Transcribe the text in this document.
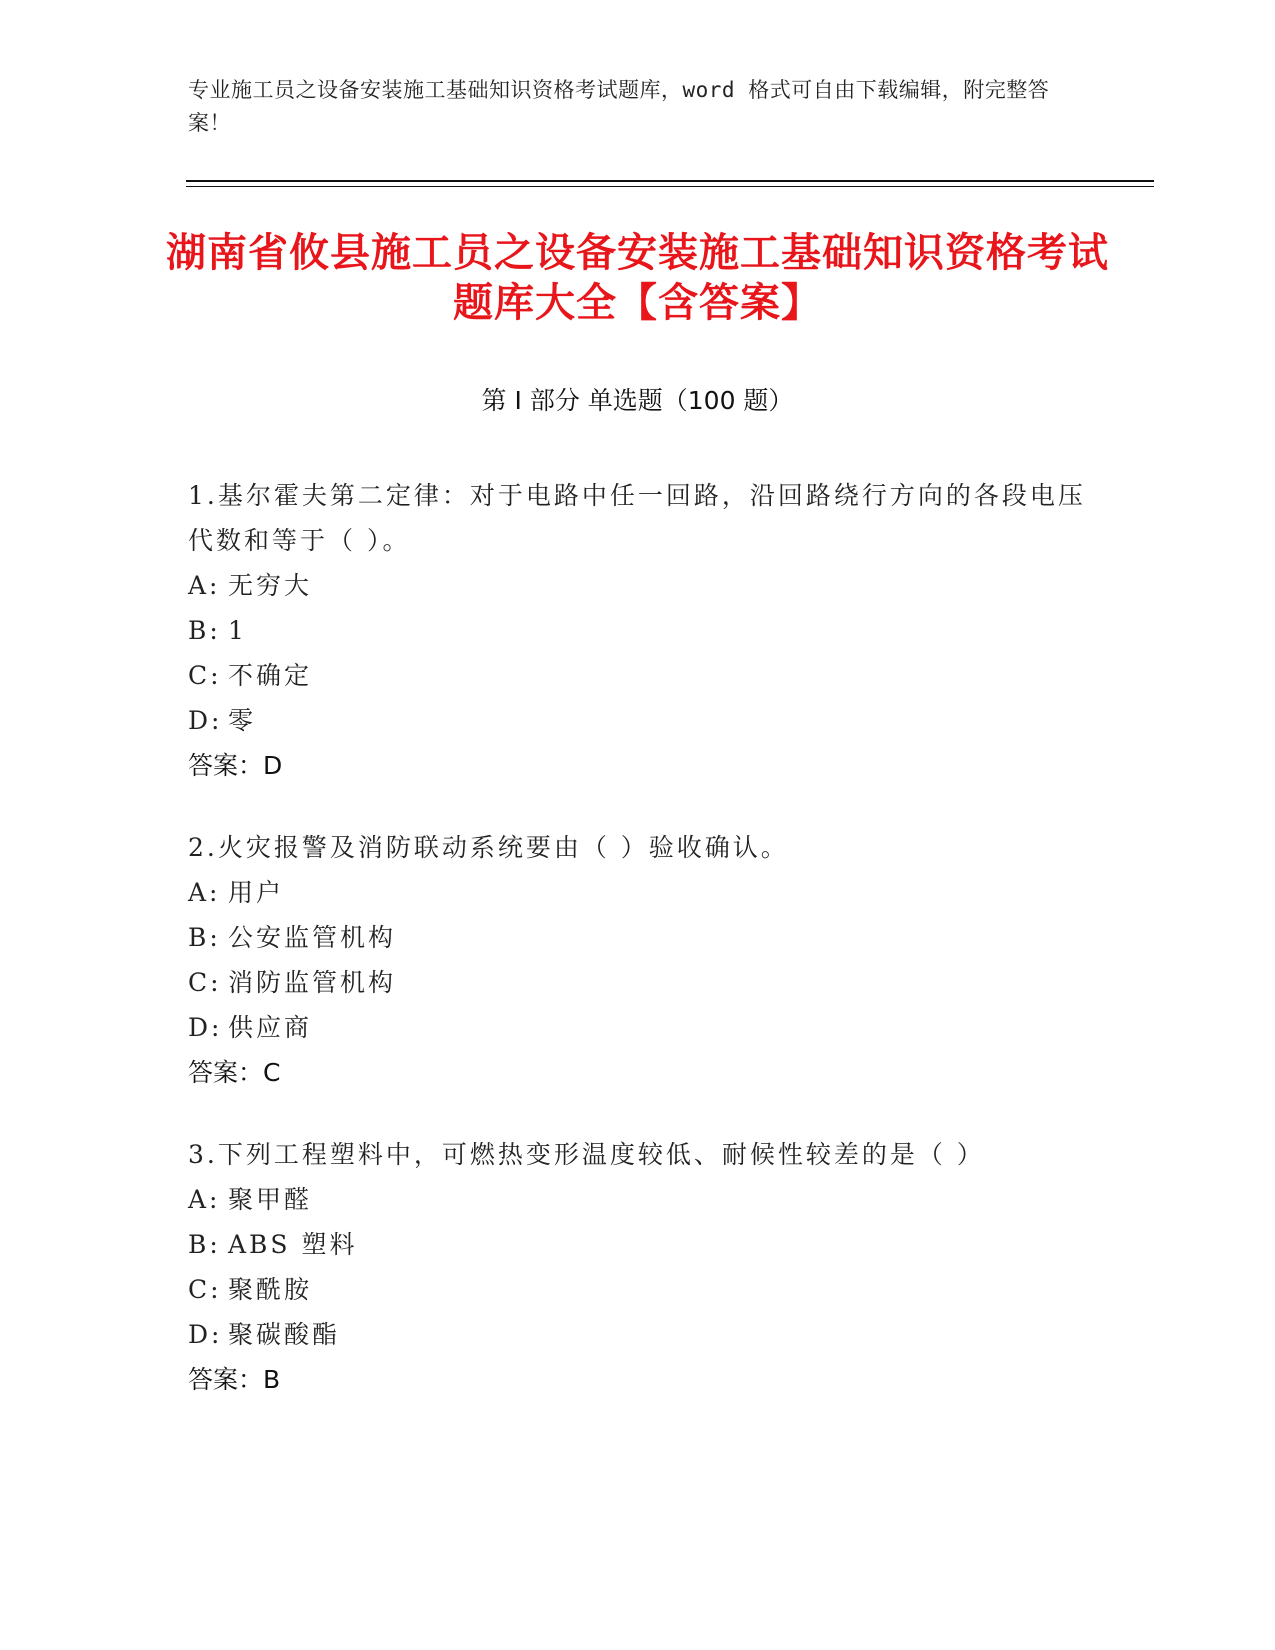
专业施工员之设备安装施工基础知识资格考试题库，word 格式可自由下载编辑，附完整答案！
湖南省攸县施工员之设备安装施工基础知识资格考试题库大全【含答案】
第 I 部分 单选题（100 题）

1.基尔霍夫第二定律：对于电路中任一回路，沿回路绕行方向的各段电压代数和等于（ ）。

A: 无穷大
B: 1
C: 不确定
D: 零
答案：D

2.火灾报警及消防联动系统要由（ ）验收确认。

A: 用户
B: 公安监管机构
C: 消防监管机构
D: 供应商
答案：C

3.下列工程塑料中，可燃热变形温度较低、耐候性较差的是（ ）

A: 聚甲醛
B: ABS 塑料
C: 聚酰胺
D: 聚碳酸酯
答案：B
